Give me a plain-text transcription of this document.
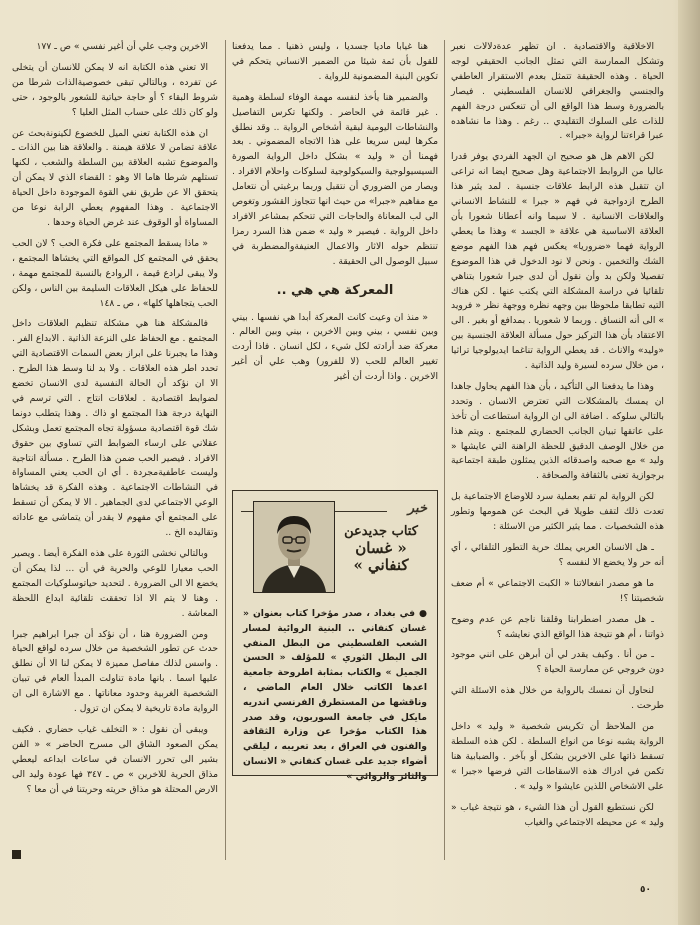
الاخلاقية والاقتصادية . ان تظهر عدةدلالات نعبر وتشكل الممارسة التي تمثل الجانب الحقيقي لوجه الحياة . وهذه الحقيقة تتمثل بعدم الاستقرار العاطفي والجنسي والجغرافي للانسان الفلسطيني . فيصار بالضرورة وسط هذا الواقع الى أن تنعكس درجة الفهم للذات على السلوك التقليدي .. رغم . وهذا ما نشاهده عبرا قراءتنا لرواية «جبرا» .

لكن الاهم هل هو صحيح ان الجهد الفردي يوفر قدرا عاليا من الروابط الاجتماعية وهل صحيح ايضا انه تراعى ان تتقبل هذه الرابط علاقات جنسية . لمد يثير هذا الطرح ازدواجية في فهم « جبرا » للنشاط الانساني والعلاقات الانسانية . لا سيما وانه أعطانا شعورا بأن العلاقة الاساسية هي علاقة « الجسد » وهذا ما يعطي الرواية فهما «ضروريا» يعكس فهم هذا الفهم موضع الشك والتخمين . ونحن لا نود الدخول في هذا الموضوع تفصيلا ولكن بد وأن نقول أن لدى جبرا شعورا بتناهي تلقائيا في دراسة المشكلة التي يكتب عنها . لكن هناك التيه تطابقا ملحوظا بين وجهه نظره ووجهة نظر « فرويد » الى أنه النساق . وربما لا شعوريا . بمدافع أو بغير . الى الاعتقاد بأن هذا التركيز حول مسألة العلاقة الجنسية بين «وليد» والاناث . قد يعطي الرواية تناغما ايديولوجيا تراثيا ، من خلال سرده لسيرة وليد الذاتية .

وهذا ما يدفعنا الى التأكيد ، بأن هذا الفهم يحاول جاهدا ان يمسك بالمشكلات التي تعترض الانسان . وتحدد بالتالي سلوكه . اضافة الى ان الرواية استطاعت أن تأخذ على عاتقها تبيان الجانب الحضاري للمجتمع . ويتم هذا من خلال الوصف الدقيق للحظة الراهنة التي عايشها « وليد » مع صحبه واصدقائه الذين يمثلون طبقة اجتماعية برجوازية تعنى بالثقافة والصحافة .

لكن الرواية لم تقم بعملية سرد للاوضاع الاجتماعية بل تعدت ذلك لتقف طويلا في البحث عن همومها وتطور هذه الشخصيات . مما يثير الكثير من الاسئلة :

ـ هل الانسان العربي يملك حرية التطور التلقائي ، أي أنه حر ولا يخضع الا لنفسه ؟

ما هو مصدر انفعالاتنا « الكبت الاجتماعي » أم ضعف شخصيتنا ؟!

ـ هل مصدر اضطرابنا وقلقنا ناجم عن عدم وضوح ذواتنا ، أم هو نتيجة هذا الواقع الذي نعايشه ؟

ـ من أنا . وكيف يقدر لي أن أبرهن على انني موجود دون خروجي عن ممارسة الحياة ؟

لنحاول أن نمسك بالرواية من خلال هذه الاسئلة التي طرحت .

من الملاحظ أن تكريس شخصية « وليد » داخل الرواية يشبه نوعا من انواع السلطة . لكن هذه السلطة تسقط ذاتها على الاخرين بشكل أو بآخر . والضبابية هنا تكمن في ادراك هذه الاسقاطات التي فرضها «جبرا » على الاشخاص اللذين عايشوا « وليد » .

لكن نستطيع القول أن هذا الشيء ، هو نتيجة غياب « وليد » عن محيطه الاجتماعي والغياب

هنا غيابا ماديا جسديا ، وليس ذهنيا . مما يدفعنا للقول بأن ثمة شيئا من الضمير الانساني يتحكم في تكوين البنية المضمونية للرواية .

والضمير هنا يأخذ لنفسه مهمة الوفاء لسلطة وهمية . غير قائمة في الحاضر . ولكنها تكرس التفاصيل والنشاطات اليومية لبقية أشخاص الرواية .. وقد نطلق مكرها ليس سريعا على هذا الاتجاه المضموني . بعد فهمنا أن « وليد » بشكل داخل الرواية الصورة السيسيولوجية والسيكولوجية لسلوكات واحلام الافراد . ويصار من الضروري أن نتقبل وربما برغبتي أن نتعامل مع مفاهيم «جبرا» من حيث انها تتجاوز القشور وتغوص الى لب المعاناة والحاجات التي تتحكم بمشاعر الافراد داخل الرواية . فيصير « وليد » ضمن هذا السرد رمزا تنتظم حوله الاثار والاعمال العنيفةوالمضطربة في سبيل الوصول الى الحقيقة .

المعركة هي هي ..

« منذ ان وعيت كانت المعركة أبدا هي نفسها . بيني وبين نفسي ، بيني وبين الاخرين ، بيني وبين العالم . معركة ضد أرادته لكل شيء ، لكل انسان . فاذا أردت تغيير العالم للحب (لا للفرور) وهب علي أن أغير الاخرين . واذا أردت أن أغير

الاخرين وجب علي أن أغير نفسي » ص ـ ١٧٧

الا تعني هذه الكتابة انه لا يمكن للانسان أن يتخلى عن تفرده ، وبالتالي تبقى خصوصيةالذات شرطا من شروط البقاء ؟ أو حاجة حياتية للشعور بالوجود ، حتى ولو كان ذلك على حساب المثل العليا ؟

ان هذه الكتابة تعني الميل للخضوع لكينونةبحث عن علاقة تضامن لا علاقة هيمنة . والعلاقة هنا بين الذات ـ والموضوع تشبه العلاقة بين السلطة والشعب ، لكنها تستلهم شرطا هاما الا وهو : القضاء الذي لا يمكن أن يتحقق الا عن طريق نفي القوة الموجودة داخل الحياة الاجتماعية . وهذا المفهوم يعطي الرابة نوعا من المساواة أو الوقوف عند غرض الحياة وحدها .

« ماذا يسقط المجتمع على فكرة الحب ؟ لان الحب يحقق في المجتمع كل المواقع التي يخشاها المجتمع ، ولا يبقى لرادع قيمة ، الروادع بالنسبة للمجتمع مهمة ، للحفاظ على هيكل العلاقات السليمة بين الناس ، ولكن الحب يتجاهلها كلها» ، ص ـ ١٤٨

فالمشكلة هنا هي مشكلة تنظيم العلاقات داخل المجتمع . مع الحفاظ على النزعة الذاتية . الابداع الفر . وهذا ما يجبرنا على ابراز بعض السمات الاقتصادية التي تحدد اطر هذه العلاقات . ولا بد لنا وسط هذا الطرح . الا ان نؤكد أن الحالة النفسية لدى الانسان تخضع لضوابط اقتصادية . لعلاقات انتاج . التي ترسم في النهاية درجة هذا المجتمع او ذاك . وهذا يتطلب دونما شك قوة اقتصادية مسؤولة تجاه المجتمع تعمل وبشكل عقلاني على ارساء الضوابط التي تساوي بين حقوق الافراد . فيصير الحب ضمن هذا الطرح . مسألة انتاجية وليست عاطفيةمجردة . أي ان الحب يعني المساواة في النشاطات الاجتماعية . وهذه الفكرة قد يخشاها الوعي الاجتماعي لدى الجماهير . الا لا يمكن أن تسقط على المجتمع أي مفهوم لا يقدر أن يتماشى مع عاداته وتقاليده الخ ..

وبالتالي نخشى الثورة على هذه الفكرة أيضا . ويصير الحب معيارا للوعي والحرية في أن ... لذا يمكن أن يخضع الا الى الضرورة . لتحديد حياتوسلوكيات المجتمع . وهنا لا يتم الا اذا تحققت تلقائية ابداع اللحظة المعاشة .

ومن الضرورة هنا ، أن نؤكد أن جبرا ابراهيم جبرا حدث عن تطور الشخصية من خلال سرده لواقع الحياة . واسس لذلك مفاصل مميزة لا يمكن لنا الا أن نطلق عليها اسما . بانها مادة تناولت المبدأ العام في تبيان الشخصية الغربية وحدود معاناتها . مع الاشارة الى ان الرواية مادة تاريخية لا يمكن ان تزول .

ويبقى أن نقول : « التخلف غياب حضاري . فكيف يمكن الصعود الشاق الى مسرح الحاضر » « الفن بشير الى تحرر الانسان في ساعات ابداعه ليعطي مذاق الحرية للاخرين » ص ـ ٣٤٧ فها عودة وليد الى الارض المحتلة هو مذاق حريته وحريتنا في أن معا ؟

خبر
كتاب جديدعن
« غسان كنفاني »
● في بغداد ، صدر مؤخرا كتاب بعنوان « غسان كنفاني .. البنية الروائية لمسار الشعب الفلسطيني من البطل المنفي الى البطل الثوري » للمؤلف « الحسن الجميل » والكتاب بمثابة اطروحة جامعية اعدها الكاتب خلال العام الماضي ، وناقشها من المستطرق الفرنسي اندريه مايكل في جامعة السوربون، وقد صدر هذا الكتاب مؤخرا عن وزارة الثقافة والفنون في العراق ، بعد تعريبه ، ليلقي أضواء جديد على غسان كنفاني « الانسان والثائر والروائي »
٥٠
